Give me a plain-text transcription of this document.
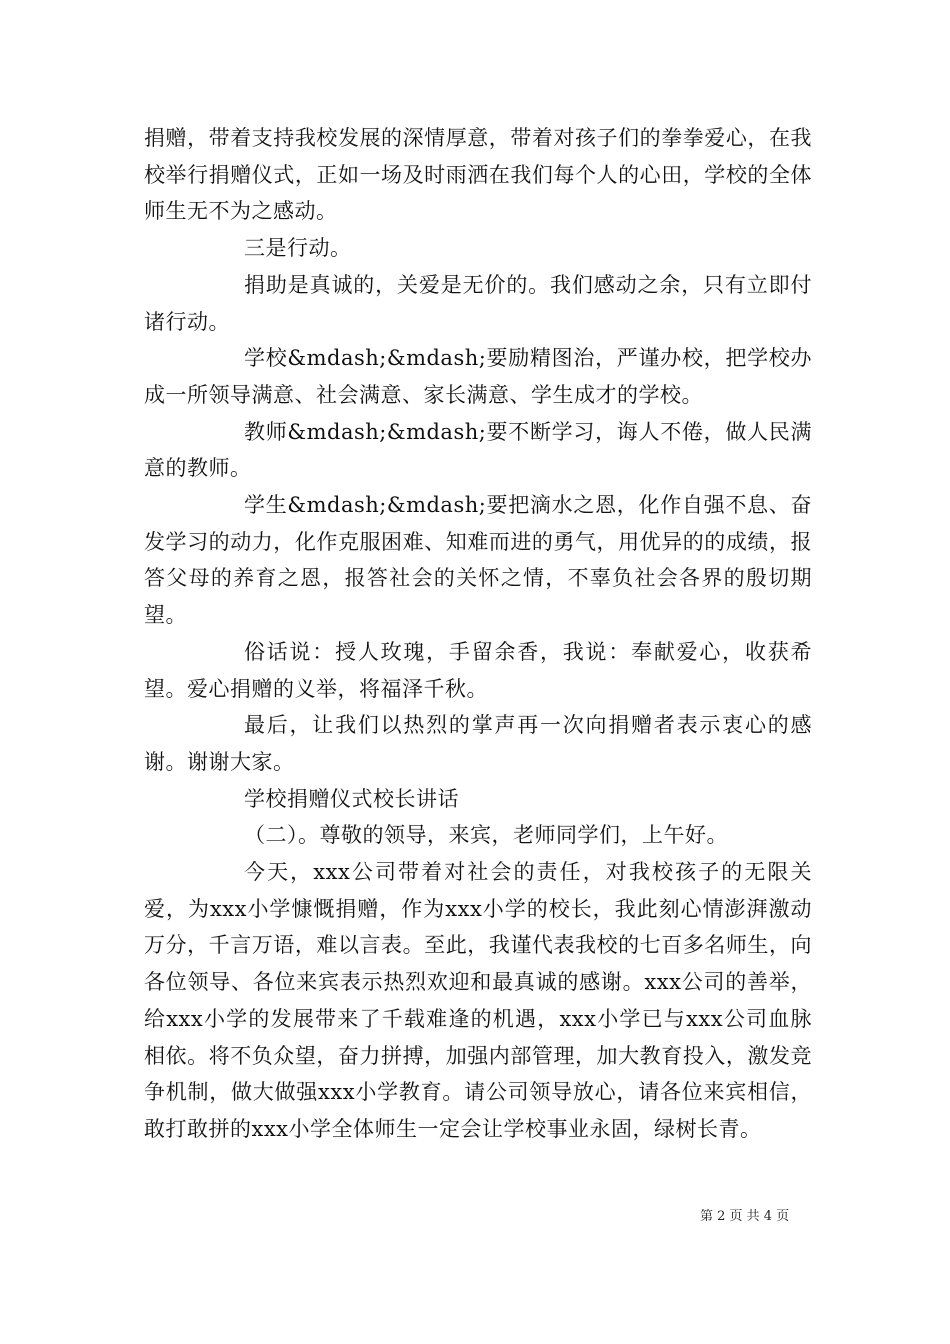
捐赠，带着支持我校发展的深情厚意，带着对孩子们的拳拳爱心，在我校举行捐赠仪式，正如一场及时雨洒在我们每个人的心田，学校的全体师生无不为之感动。

三是行动。

捐助是真诚的，关爱是无价的。我们感动之余，只有立即付诸行动。

学校&mdash;&mdash;要励精图治，严谨办校，把学校办成一所领导满意、社会满意、家长满意、学生成才的学校。

教师&mdash;&mdash;要不断学习，诲人不倦，做人民满意的教师。

学生&mdash;&mdash;要把滴水之恩，化作自强不息、奋发学习的动力，化作克服困难、知难而进的勇气，用优异的的成绩，报答父母的养育之恩，报答社会的关怀之情，不辜负社会各界的殷切期望。

俗话说：授人玫瑰，手留余香，我说：奉献爱心，收获希望。爱心捐赠的义举，将福泽千秋。

最后，让我们以热烈的掌声再一次向捐赠者表示衷心的感谢。谢谢大家。

学校捐赠仪式校长讲话

（二）。尊敬的领导，来宾，老师同学们，上午好。

今天，xxx公司带着对社会的责任，对我校孩子的无限关爱，为xxx小学慷慨捐赠，作为xxx小学的校长，我此刻心情澎湃激动万分，千言万语，难以言表。至此，我谨代表我校的七百多名师生，向各位领导、各位来宾表示热烈欢迎和最真诚的感谢。xxx公司的善举，给xxx小学的发展带来了千载难逢的机遇，xxx小学已与xxx公司血脉相依。将不负众望，奋力拼搏，加强内部管理，加大教育投入，激发竞争机制，做大做强xxx小学教育。请公司领导放心，请各位来宾相信，敢打敢拼的xxx小学全体师生一定会让学校事业永固，绿树长青。

第 2 页 共 4 页
